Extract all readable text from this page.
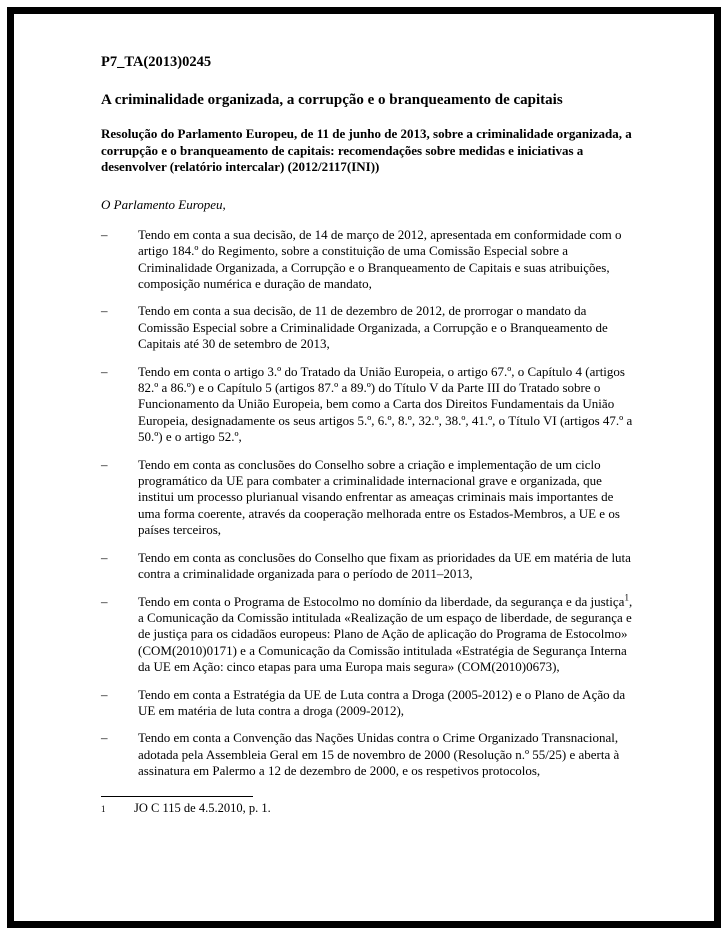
P7_TA(2013)0245

A criminalidade organizada, a corrupção e o branqueamento de capitais

Resolução do Parlamento Europeu, de 11 de junho de 2013, sobre a criminalidade organizada, a corrupção e o branqueamento de capitais: recomendações sobre medidas e iniciativas a desenvolver (relatório intercalar) (2012/2117(INI))

O Parlamento Europeu,

–	Tendo em conta a sua decisão, de 14 de março de 2012, apresentada em conformidade com o artigo 184.º do Regimento, sobre a constituição de uma Comissão Especial sobre a Criminalidade Organizada, a Corrupção e o Branqueamento de Capitais e suas atribuições, composição numérica e duração de mandato,
–	Tendo em conta a sua decisão, de 11 de dezembro de 2012, de prorrogar o mandato da Comissão Especial sobre a Criminalidade Organizada, a Corrupção e o Branqueamento de Capitais até 30 de setembro de 2013,
–	Tendo em conta o artigo 3.º do Tratado da União Europeia, o artigo 67.º, o Capítulo 4 (artigos 82.º a 86.º) e o Capítulo 5 (artigos 87.º a 89.º) do Título V da Parte III do Tratado sobre o Funcionamento da União Europeia, bem como a Carta dos Direitos Fundamentais da União Europeia, designadamente os seus artigos 5.º, 6.º, 8.º, 32.º, 38.º, 41.º, o Título VI (artigos 47.º a 50.º) e o artigo 52.º,
–	Tendo em conta as conclusões do Conselho sobre a criação e implementação de um ciclo programático da UE para combater a criminalidade internacional grave e organizada, que institui um processo plurianual visando enfrentar as ameaças criminais mais importantes de uma forma coerente, através da cooperação melhorada entre os Estados-Membros, a UE e os países terceiros,
–	Tendo em conta as conclusões do Conselho que fixam as prioridades da UE em matéria de luta contra a criminalidade organizada para o período de 2011–2013,
–	Tendo em conta o Programa de Estocolmo no domínio da liberdade, da segurança e da justiça$^1$, a Comunicação da Comissão intitulada «Realização de um espaço de liberdade, de segurança e de justiça para os cidadãos europeus: Plano de Ação de aplicação do Programa de Estocolmo» (COM(2010)0171) e a Comunicação da Comissão intitulada «Estratégia de Segurança Interna da UE em Ação: cinco etapas para uma Europa mais segura» (COM(2010)0673),
–	Tendo em conta a Estratégia da UE de Luta contra a Droga (2005-2012) e o Plano de Ação da UE em matéria de luta contra a droga (2009-2012),
–	Tendo em conta a Convenção das Nações Unidas contra o Crime Organizado Transnacional, adotada pela Assembleia Geral em 15 de novembro de 2000 (Resolução n.º 55/25) e aberta à assinatura em Palermo a 12 de dezembro de 2000, e os respetivos protocolos,
1	JO C 115 de 4.5.2010, p. 1.
